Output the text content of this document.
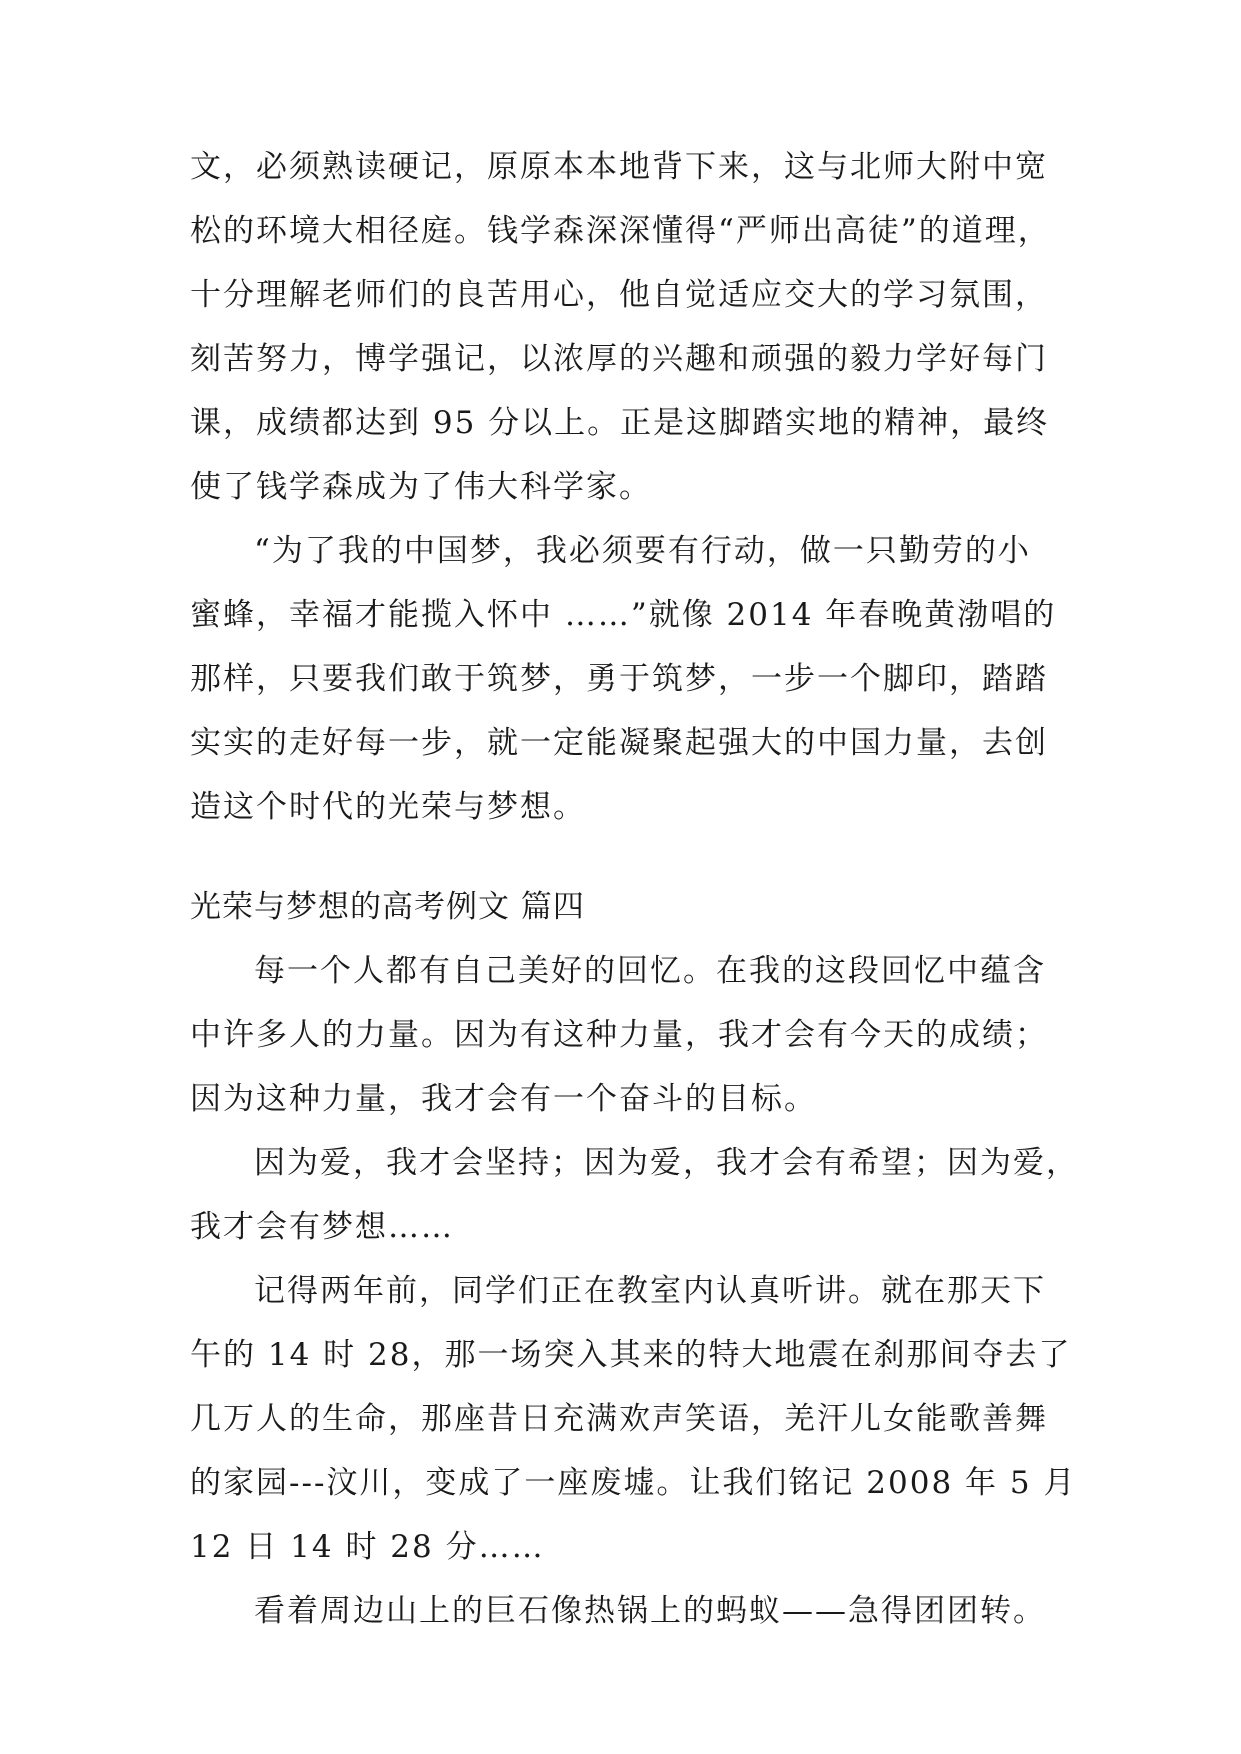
文，必须熟读硬记，原原本本地背下来，这与北师大附中宽
松的环境大相径庭。钱学森深深懂得“严师出高徒”的道理，
十分理解老师们的良苦用心，他自觉适应交大的学习氛围，
刻苦努力，博学强记，以浓厚的兴趣和顽强的毅力学好每门
课，成绩都达到 95 分以上。正是这脚踏实地的精神，最终
使了钱学森成为了伟大科学家。
“为了我的中国梦，我必须要有行动，做一只勤劳的小
蜜蜂，幸福才能揽入怀中 ……”就像 2014 年春晚黄渤唱的
那样，只要我们敢于筑梦，勇于筑梦，一步一个脚印，踏踏
实实的走好每一步，就一定能凝聚起强大的中国力量，去创
造这个时代的光荣与梦想。
光荣与梦想的高考例文 篇四
每一个人都有自己美好的回忆。在我的这段回忆中蕴含
中许多人的力量。因为有这种力量，我才会有今天的成绩；
因为这种力量，我才会有一个奋斗的目标。
因为爱，我才会坚持；因为爱，我才会有希望；因为爱，
我才会有梦想……
记得两年前，同学们正在教室内认真听讲。就在那天下
午的 14 时 28，那一场突入其来的特大地震在刹那间夺去了
几万人的生命，那座昔日充满欢声笑语，羌汗儿女能歌善舞
的家园---汶川，变成了一座废墟。让我们铭记 2008 年 5 月
12 日 14 时 28 分……
看着周边山上的巨石像热锅上的蚂蚁——急得团团转。
